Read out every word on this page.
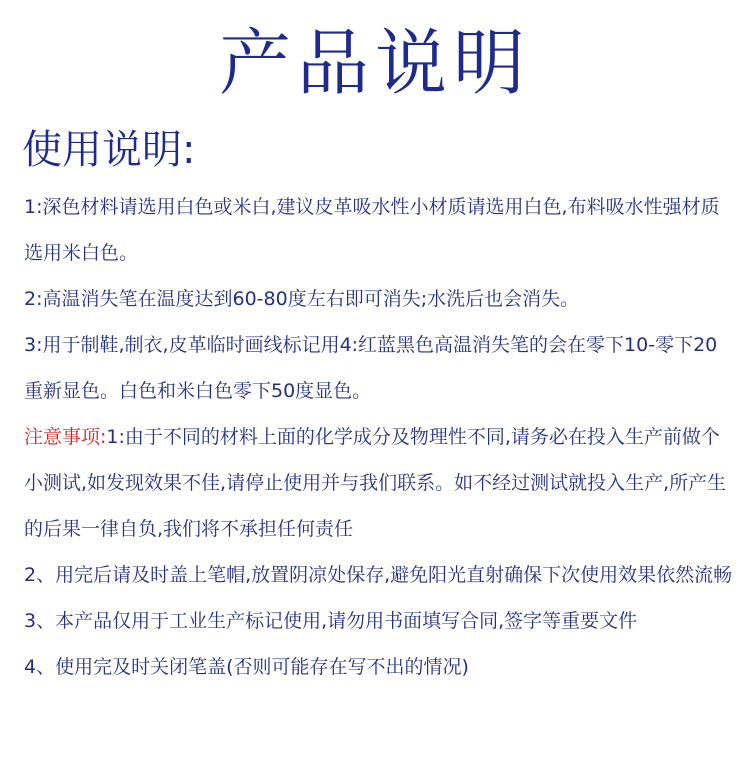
产品说明
使用说明:

1:深色材料请选用白色或米白,建议皮革吸水性小材质请选用白色,布料吸水性强材质选用米白色。

2:高温消失笔在温度达到60-80度左右即可消失;水洗后也会消失。

3:用于制鞋,制衣,皮革临时画线标记用4:红蓝黑色高温消失笔的会在零下10-零下20重新显色。白色和米白色零下50度显色。

注意事项:1:由于不同的材料上面的化学成分及物理性不同,请务必在投入生产前做个小测试,如发现效果不佳,请停止使用并与我们联系。如不经过测试就投入生产,所产生的后果一律自负,我们将不承担任何责任

2、用完后请及时盖上笔帽,放置阴凉处保存,避免阳光直射确保下次使用效果依然流畅

3、本产品仅用于工业生产标记使用,请勿用书面填写合同,签字等重要文件

4、使用完及时关闭笔盖(否则可能存在写不出的情况)
